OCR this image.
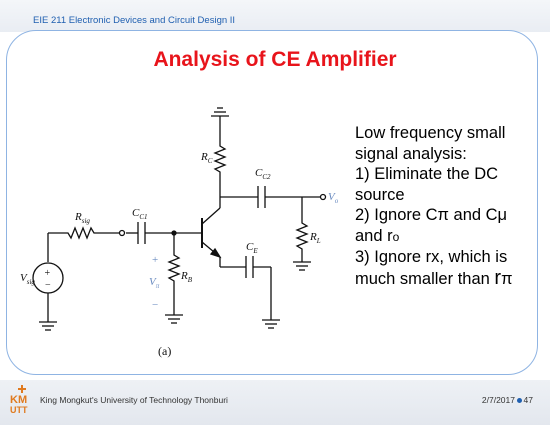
EIE 211 Electronic Devices and Circuit Design II
Analysis of CE Amplifier
$R_C$
$C_{C2}$
$V_o$
$R_{sig}$
$C_{C1}$
$C_E$
$R_L$
$V_{sig}$	$R_B$
$V_\pi$
+
−
+
−
(a)
Low frequency small
signal analysis:
1) Eliminate the DC
source
2) Ignore Cπ and Cμ
and ro
3) Ignore rx, which is
much smaller than rπ
KM
UTT
King Mongkut's University of Technology Thonburi	2/7/2017 47
